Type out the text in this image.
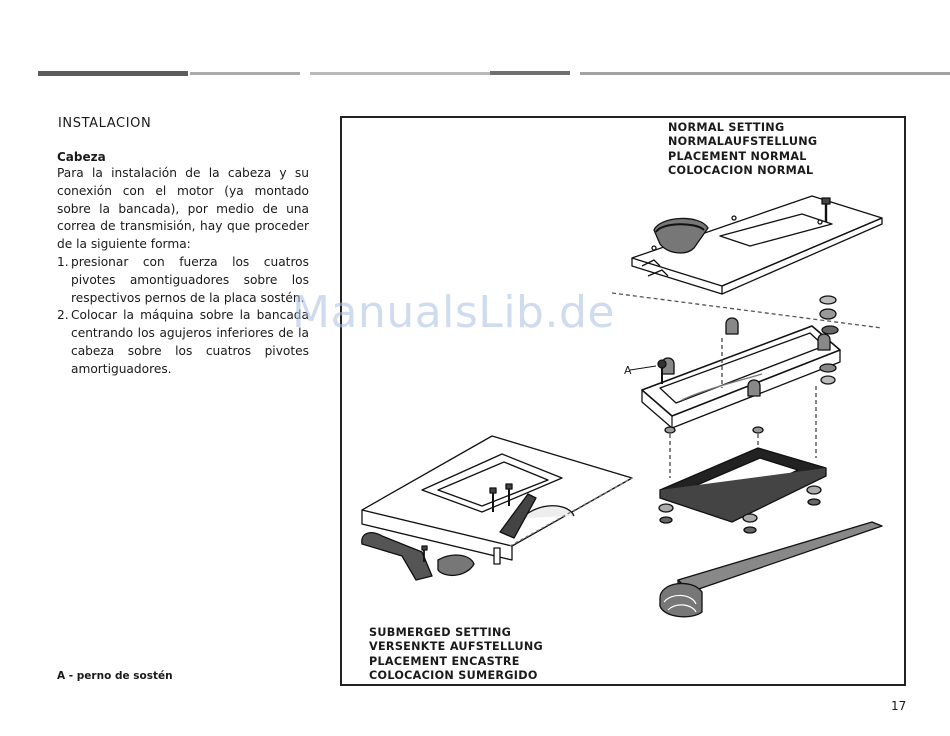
INSTALACION
Cabeza

Para la instalación de la cabeza y su conexión con el motor (ya montado sobre la bancada), por medio de una correa de transmisión, hay que proceder de la siguiente forma:

1. presionar con fuerza los cuatros pivotes amontiguadores sobre los respectivos pernos de la placa sostén.
2. Colocar la máquina sobre la bancada centrando los agujeros inferiores de la cabeza sobre los cuatros pivotes amortiguadores.
A - perno de sostén
NORMAL SETTING
NORMALAUFSTELLUNG
PLACEMENT NORMAL
COLOCACION NORMAL
SUBMERGED SETTING
VERSENKTE AUFSTELLUNG
PLACEMENT ENCASTRE
COLOCACION SUMERGIDO
A
ManualsLib.de
17
